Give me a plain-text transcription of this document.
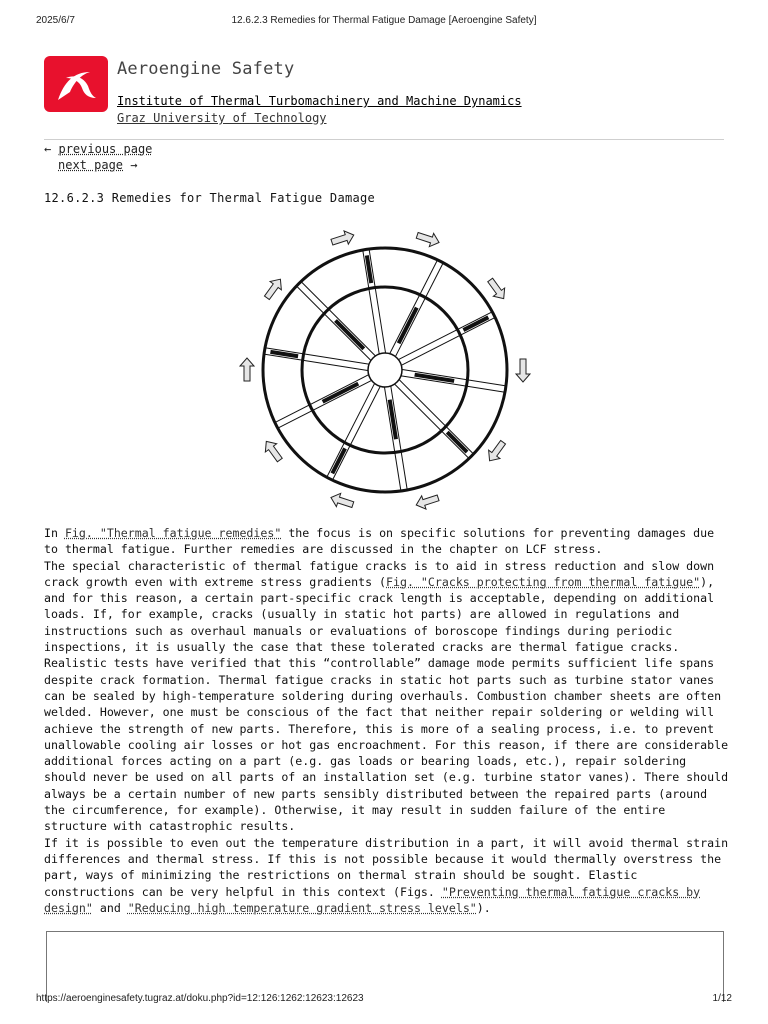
2025/6/7	12.6.2.3 Remedies for Thermal Fatigue Damage [Aeroengine Safety]
Aeroengine Safety
Institute of Thermal Turbomachinery and Machine Dynamics
Graz University of Technology
← previous page
next page →
12.6.2.3 Remedies for Thermal Fatigue Damage

In Fig. "Thermal fatigue remedies" the focus is on specific solutions for preventing damages due to thermal fatigue. Further remedies are discussed in the chapter on LCF stress.

The special characteristic of thermal fatigue cracks is to aid in stress reduction and slow down crack growth even with extreme stress gradients (Fig. "Cracks protecting from thermal fatigue"), and for this reason, a certain part-specific crack length is acceptable, depending on additional loads. If, for example, cracks (usually in static hot parts) are allowed in regulations and instructions such as overhaul manuals or evaluations of boroscope findings during periodic inspections, it is usually the case that these tolerated cracks are thermal fatigue cracks. Realistic tests have verified that this “controllable” damage mode permits sufficient life spans despite crack formation. Thermal fatigue cracks in static hot parts such as turbine stator vanes can be sealed by high-temperature soldering during overhauls. Combustion chamber sheets are often welded. However, one must be conscious of the fact that neither repair soldering or welding will achieve the strength of new parts. Therefore, this is more of a sealing process, i.e. to prevent unallowable cooling air losses or hot gas encroachment. For this reason, if there are considerable additional forces acting on a part (e.g. gas loads or bearing loads, etc.), repair soldering should never be used on all parts of an installation set (e.g. turbine stator vanes). There should always be a certain number of new parts sensibly distributed between the repaired parts (around the circumference, for example). Otherwise, it may result in sudden failure of the entire structure with catastrophic results.

If it is possible to even out the temperature distribution in a part, it will avoid thermal strain differences and thermal stress. If this is not possible because it would thermally overstress the part, ways of minimizing the restrictions on thermal strain should be sought. Elastic constructions can be very helpful in this context (Figs. "Preventing thermal fatigue cracks by design" and "Reducing high temperature gradient stress levels").

https://aeroenginesafety.tugraz.at/doku.php?id=12:126:1262:12623:12623	1/12
